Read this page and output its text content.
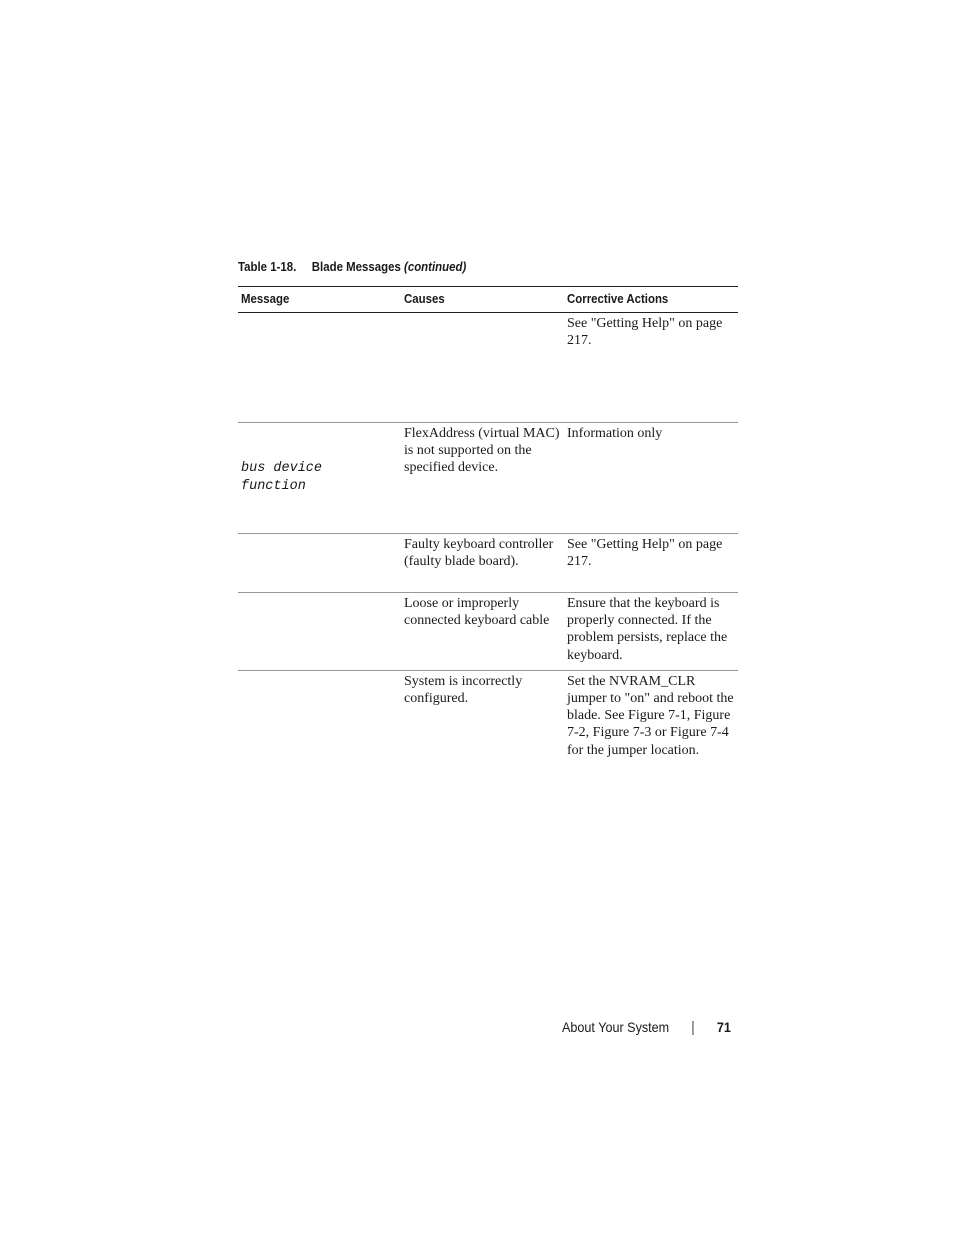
Table 1-18. Blade Messages (continued)
Message	Causes	Corrective Actions
		See "Getting Help" on page 217.
bus device
function	FlexAddress (virtual MAC) is not supported on the specified device.	Information only
	Faulty keyboard controller (faulty blade board).	See "Getting Help" on page 217.
	Loose or improperly connected keyboard cable	Ensure that the keyboard is properly connected. If the problem persists, replace the keyboard.
	System is incorrectly configured.	Set the NVRAM_CLR jumper to "on" and reboot the blade. See Figure 7-1, Figure 7-2, Figure 7-3 or Figure 7-4 for the jumper location.
About Your System	71
